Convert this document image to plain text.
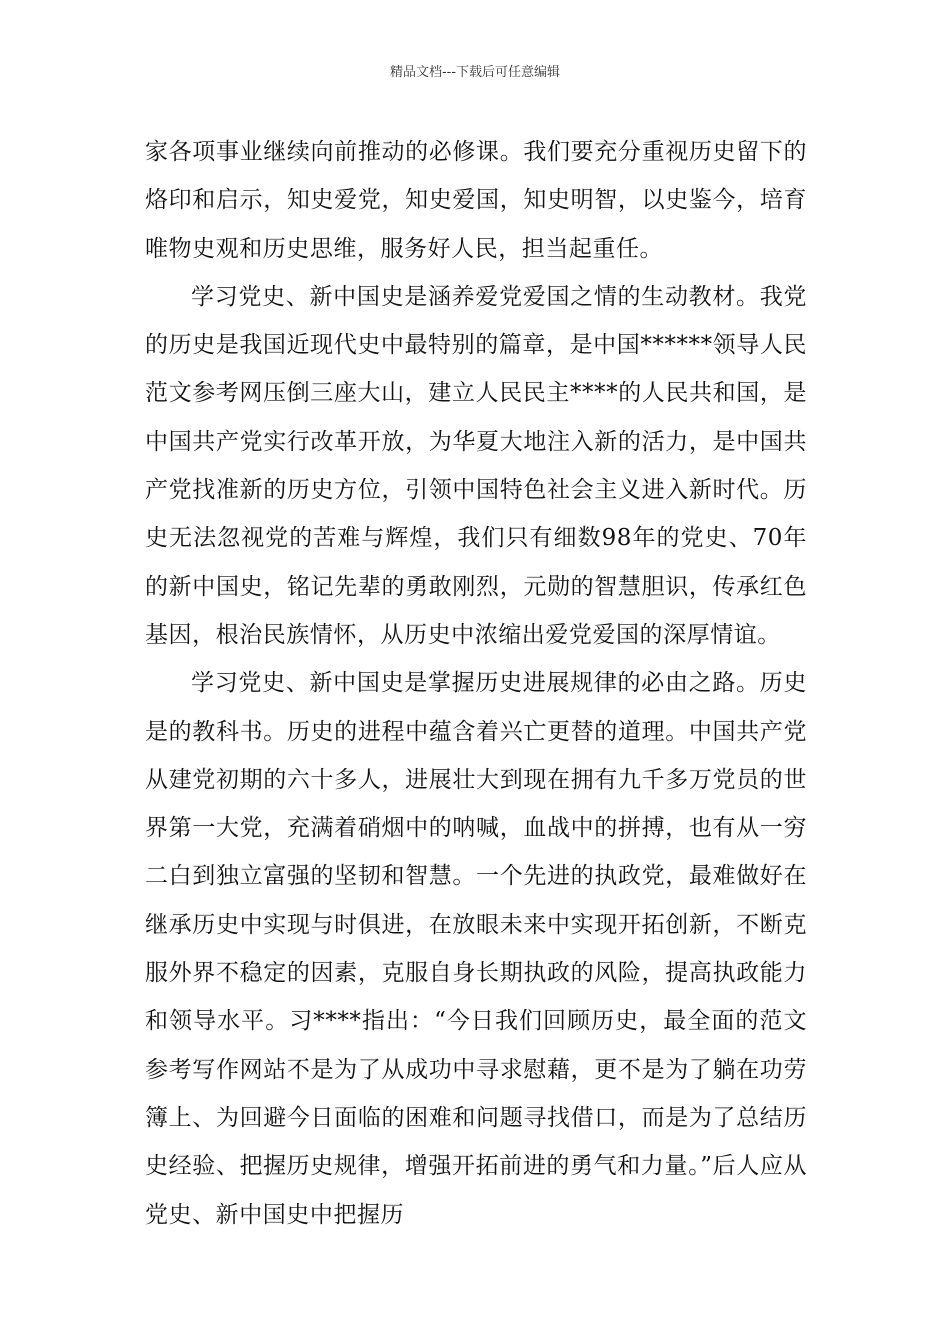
精品文档---下载后可任意编辑

家各项事业继续向前推动的必修课。我们要充分重视历史留下的烙印和启示，知史爱党，知史爱国，知史明智，以史鉴今，培育唯物史观和历史思维，服务好人民，担当起重任。

学习党史、新中国史是涵养爱党爱国之情的生动教材。我党的历史是我国近现代史中最特别的篇章，是中国******领导人民范文参考网压倒三座大山，建立人民民主****的人民共和国，是中国共产党实行改革开放，为华夏大地注入新的活力，是中国共产党找准新的历史方位，引领中国特色社会主义进入新时代。历史无法忽视党的苦难与辉煌，我们只有细数98年的党史、70年的新中国史，铭记先辈的勇敢刚烈，元勋的智慧胆识，传承红色基因，根治民族情怀，从历史中浓缩出爱党爱国的深厚情谊。

学习党史、新中国史是掌握历史进展规律的必由之路。历史是的教科书。历史的进程中蕴含着兴亡更替的道理。中国共产党从建党初期的六十多人，进展壮大到现在拥有九千多万党员的世界第一大党，充满着硝烟中的呐喊，血战中的拼搏，也有从一穷二白到独立富强的坚韧和智慧。一个先进的执政党，最难做好在继承历史中实现与时俱进，在放眼未来中实现开拓创新，不断克服外界不稳定的因素，克服自身长期执政的风险，提高执政能力和领导水平。习****指出：“今日我们回顾历史，最全面的范文参考写作网站不是为了从成功中寻求慰藉，更不是为了躺在功劳簿上、为回避今日面临的困难和问题寻找借口，而是为了总结历史经验、把握历史规律，增强开拓前进的勇气和力量。”后人应从党史、新中国史中把握历
